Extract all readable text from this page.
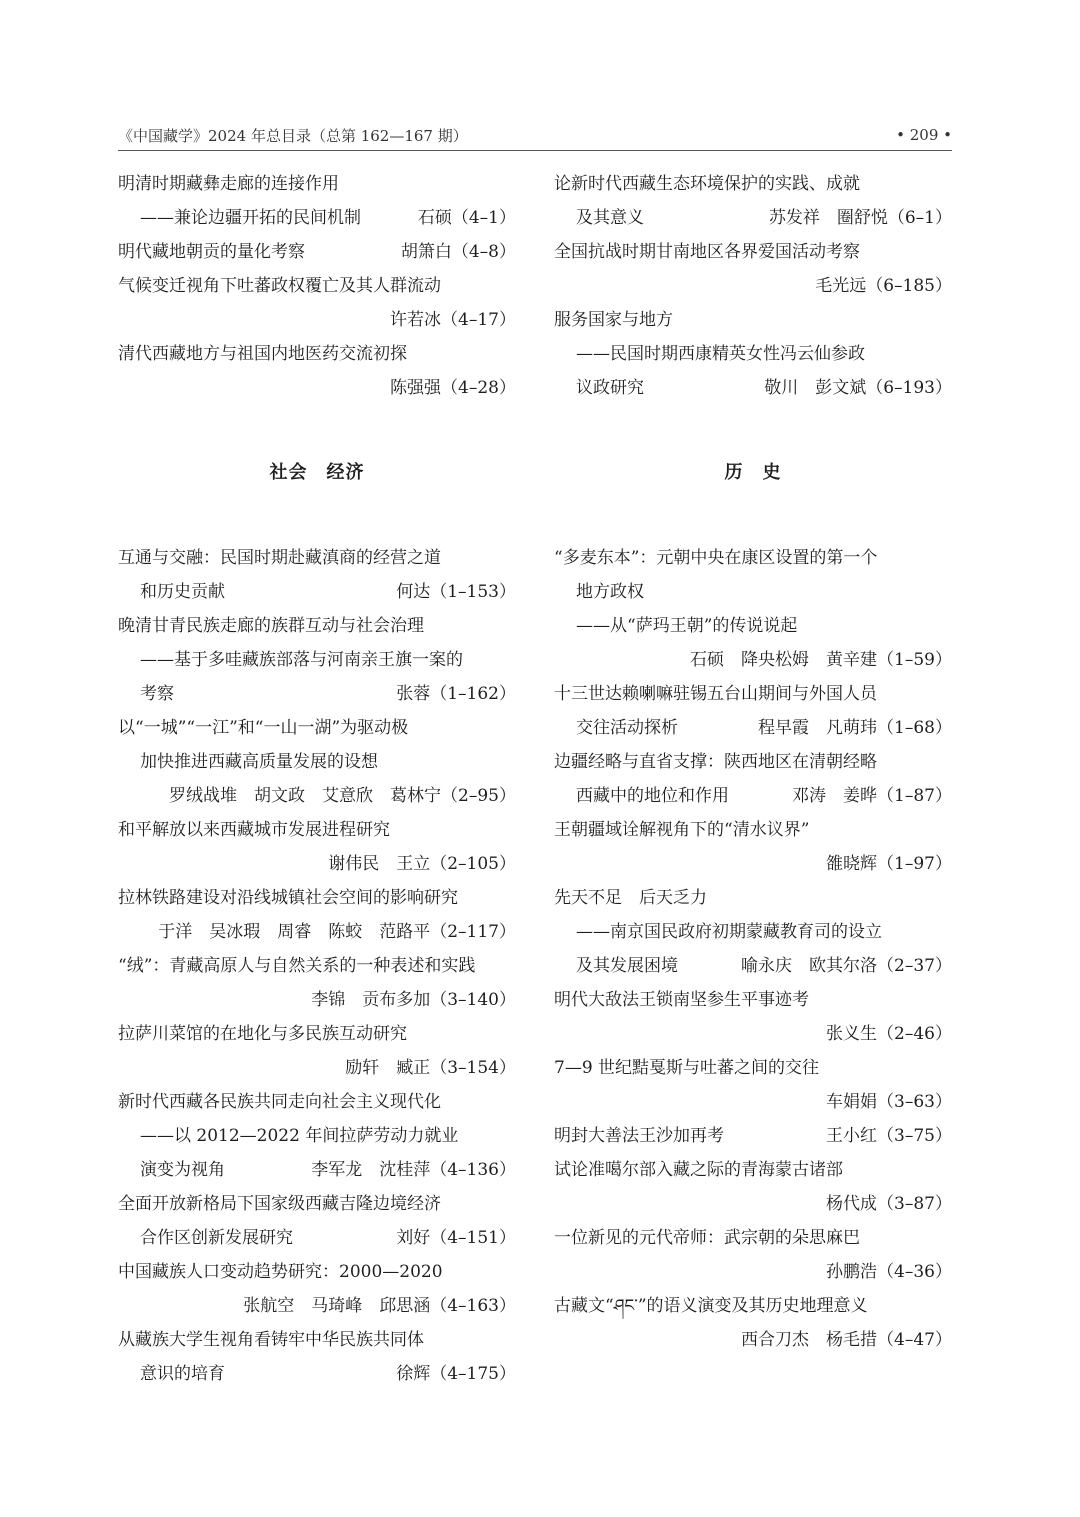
《中国藏学》2024 年总目录（总第 162—167 期）	• 209 •
明清时期藏彝走廊的连接作用
——兼论边疆开拓的民间机制	石硕（4–1）
明代藏地朝贡的量化考察	胡箫白（4–8）
气候变迁视角下吐蕃政权覆亡及其人群流动
许若冰（4–17）
清代西藏地方与祖国内地医药交流初探
陈强强（4–28）
社会　经济
互通与交融：民国时期赴藏滇商的经营之道
和历史贡献	何达（1–153）
晚清甘青民族走廊的族群互动与社会治理
——基于多哇藏族部落与河南亲王旗一案的
考察	张蓉（1–162）
以“一城”“一江”和“一山一湖”为驱动极
加快推进西藏高质量发展的设想
罗绒战堆　胡文政　艾意欣　葛林宁（2–95）
和平解放以来西藏城市发展进程研究
谢伟民　王立（2–105）
拉林铁路建设对沿线城镇社会空间的影响研究
于洋　吴冰瑕　周睿　陈蛟　范路平（2–117）
“绒”：青藏高原人与自然关系的一种表述和实践
李锦　贡布多加（3–140）
拉萨川菜馆的在地化与多民族互动研究
励轩　臧正（3–154）
新时代西藏各民族共同走向社会主义现代化
——以 2012—2022 年间拉萨劳动力就业
演变为视角	李军龙　沈桂萍（4–136）
全面开放新格局下国家级西藏吉隆边境经济
合作区创新发展研究	刘好（4–151）
中国藏族人口变动趋势研究：2000—2020
张航空　马琦峰　邱思涵（4–163）
从藏族大学生视角看铸牢中华民族共同体
意识的培育	徐辉（4–175）
论新时代西藏生态环境保护的实践、成就
及其意义	苏发祥　圈舒悦（6–1）
全国抗战时期甘南地区各界爱国活动考察
毛光远（6–185）
服务国家与地方
——民国时期西康精英女性冯云仙参政
议政研究	敬川　彭文斌（6–193）
历　史
“多麦东本”：元朝中央在康区设置的第一个
地方政权
——从“萨玛王朝”的传说说起
石硕　降央松姆　黄辛建（1–59）
十三世达赖喇嘛驻锡五台山期间与外国人员
交往活动探析	程早霞　凡萌玮（1–68）
边疆经略与直省支撑：陕西地区在清朝经略
西藏中的地位和作用	邓涛　姜晔（1–87）
王朝疆域诠解视角下的“清水议界”
雒晓辉（1–97）
先天不足　后天乏力
——南京国民政府初期蒙藏教育司的设立
及其发展困境	喻永庆　欧其尔洛（2–37）
明代大敌法王锁南坚参生平事迹考
张义生（2–46）
7—9 世纪黠戛斯与吐蕃之间的交往
车娟娟（3–63）
明封大善法王沙加再考	王小红（3–75）
试论准噶尔部入藏之际的青海蒙古诸部
杨代成（3–87）
一位新见的元代帝师：武宗朝的朵思麻巴
孙鹏浩（4–36）
古藏文“ཤང་”的语义演变及其历史地理意义
西合刀杰　杨毛措（4–47）
